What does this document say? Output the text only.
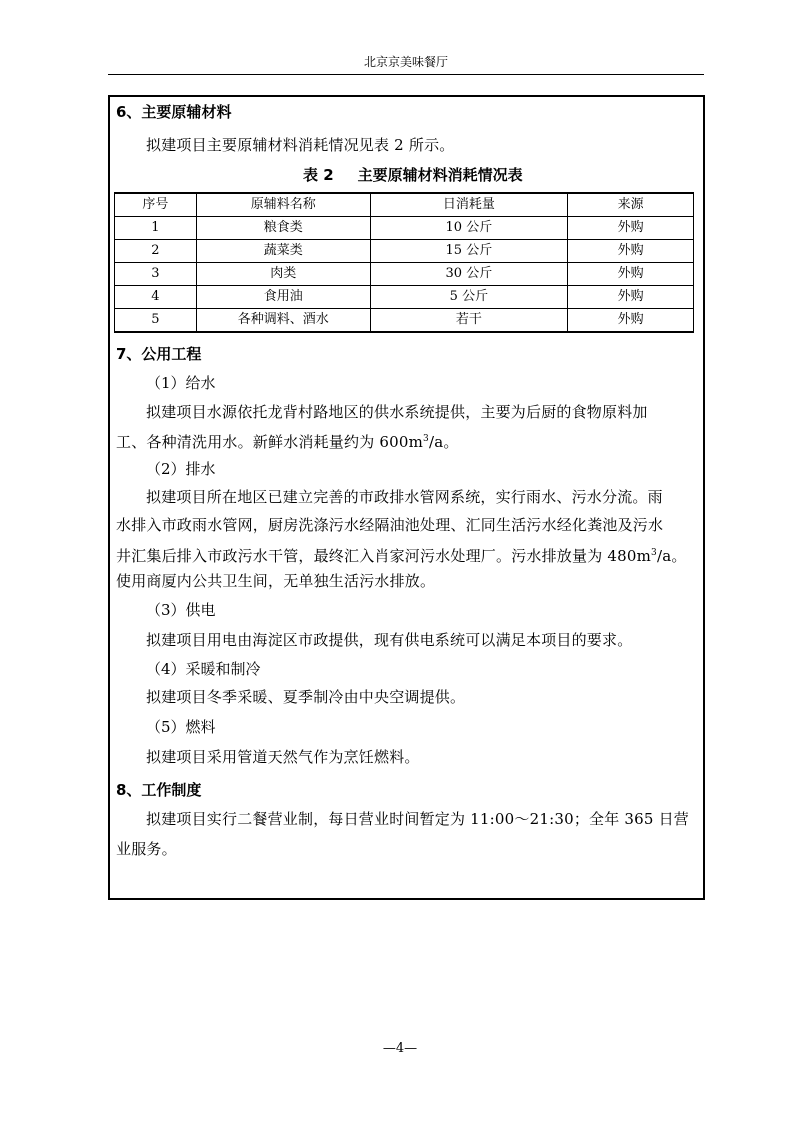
北京京美味餐厅
6、主要原辅材料
拟建项目主要原辅材料消耗情况见表 2 所示。
表 2 主要原辅材料消耗情况表
序号	原辅料名称	日消耗量	来源
1	粮食类	10 公斤	外购
2	蔬菜类	15 公斤	外购
3	肉类	30 公斤	外购
4	食用油	5 公斤	外购
5	各种调料、酒水	若干	外购
7、公用工程
（1）给水
拟建项目水源依托龙背村路地区的供水系统提供，主要为后厨的食物原料加
工、各种清洗用水。新鲜水消耗量约为 $600m^3/a$。
（2）排水
拟建项目所在地区已建立完善的市政排水管网系统，实行雨水、污水分流。雨
水排入市政雨水管网，厨房洗涤污水经隔油池处理、汇同生活污水经化粪池及污水
井汇集后排入市政污水干管，最终汇入肖家河污水处理厂。污水排放量为 $480m^3/a$。
使用商厦内公共卫生间，无单独生活污水排放。
（3）供电
拟建项目用电由海淀区市政提供，现有供电系统可以满足本项目的要求。
（4）采暖和制冷
拟建项目冬季采暖、夏季制冷由中央空调提供。
（5）燃料
拟建项目采用管道天然气作为烹饪燃料。
8、工作制度
拟建项目实行二餐营业制，每日营业时间暂定为 11:00～21:30；全年 365 日营
业服务。
—4—
